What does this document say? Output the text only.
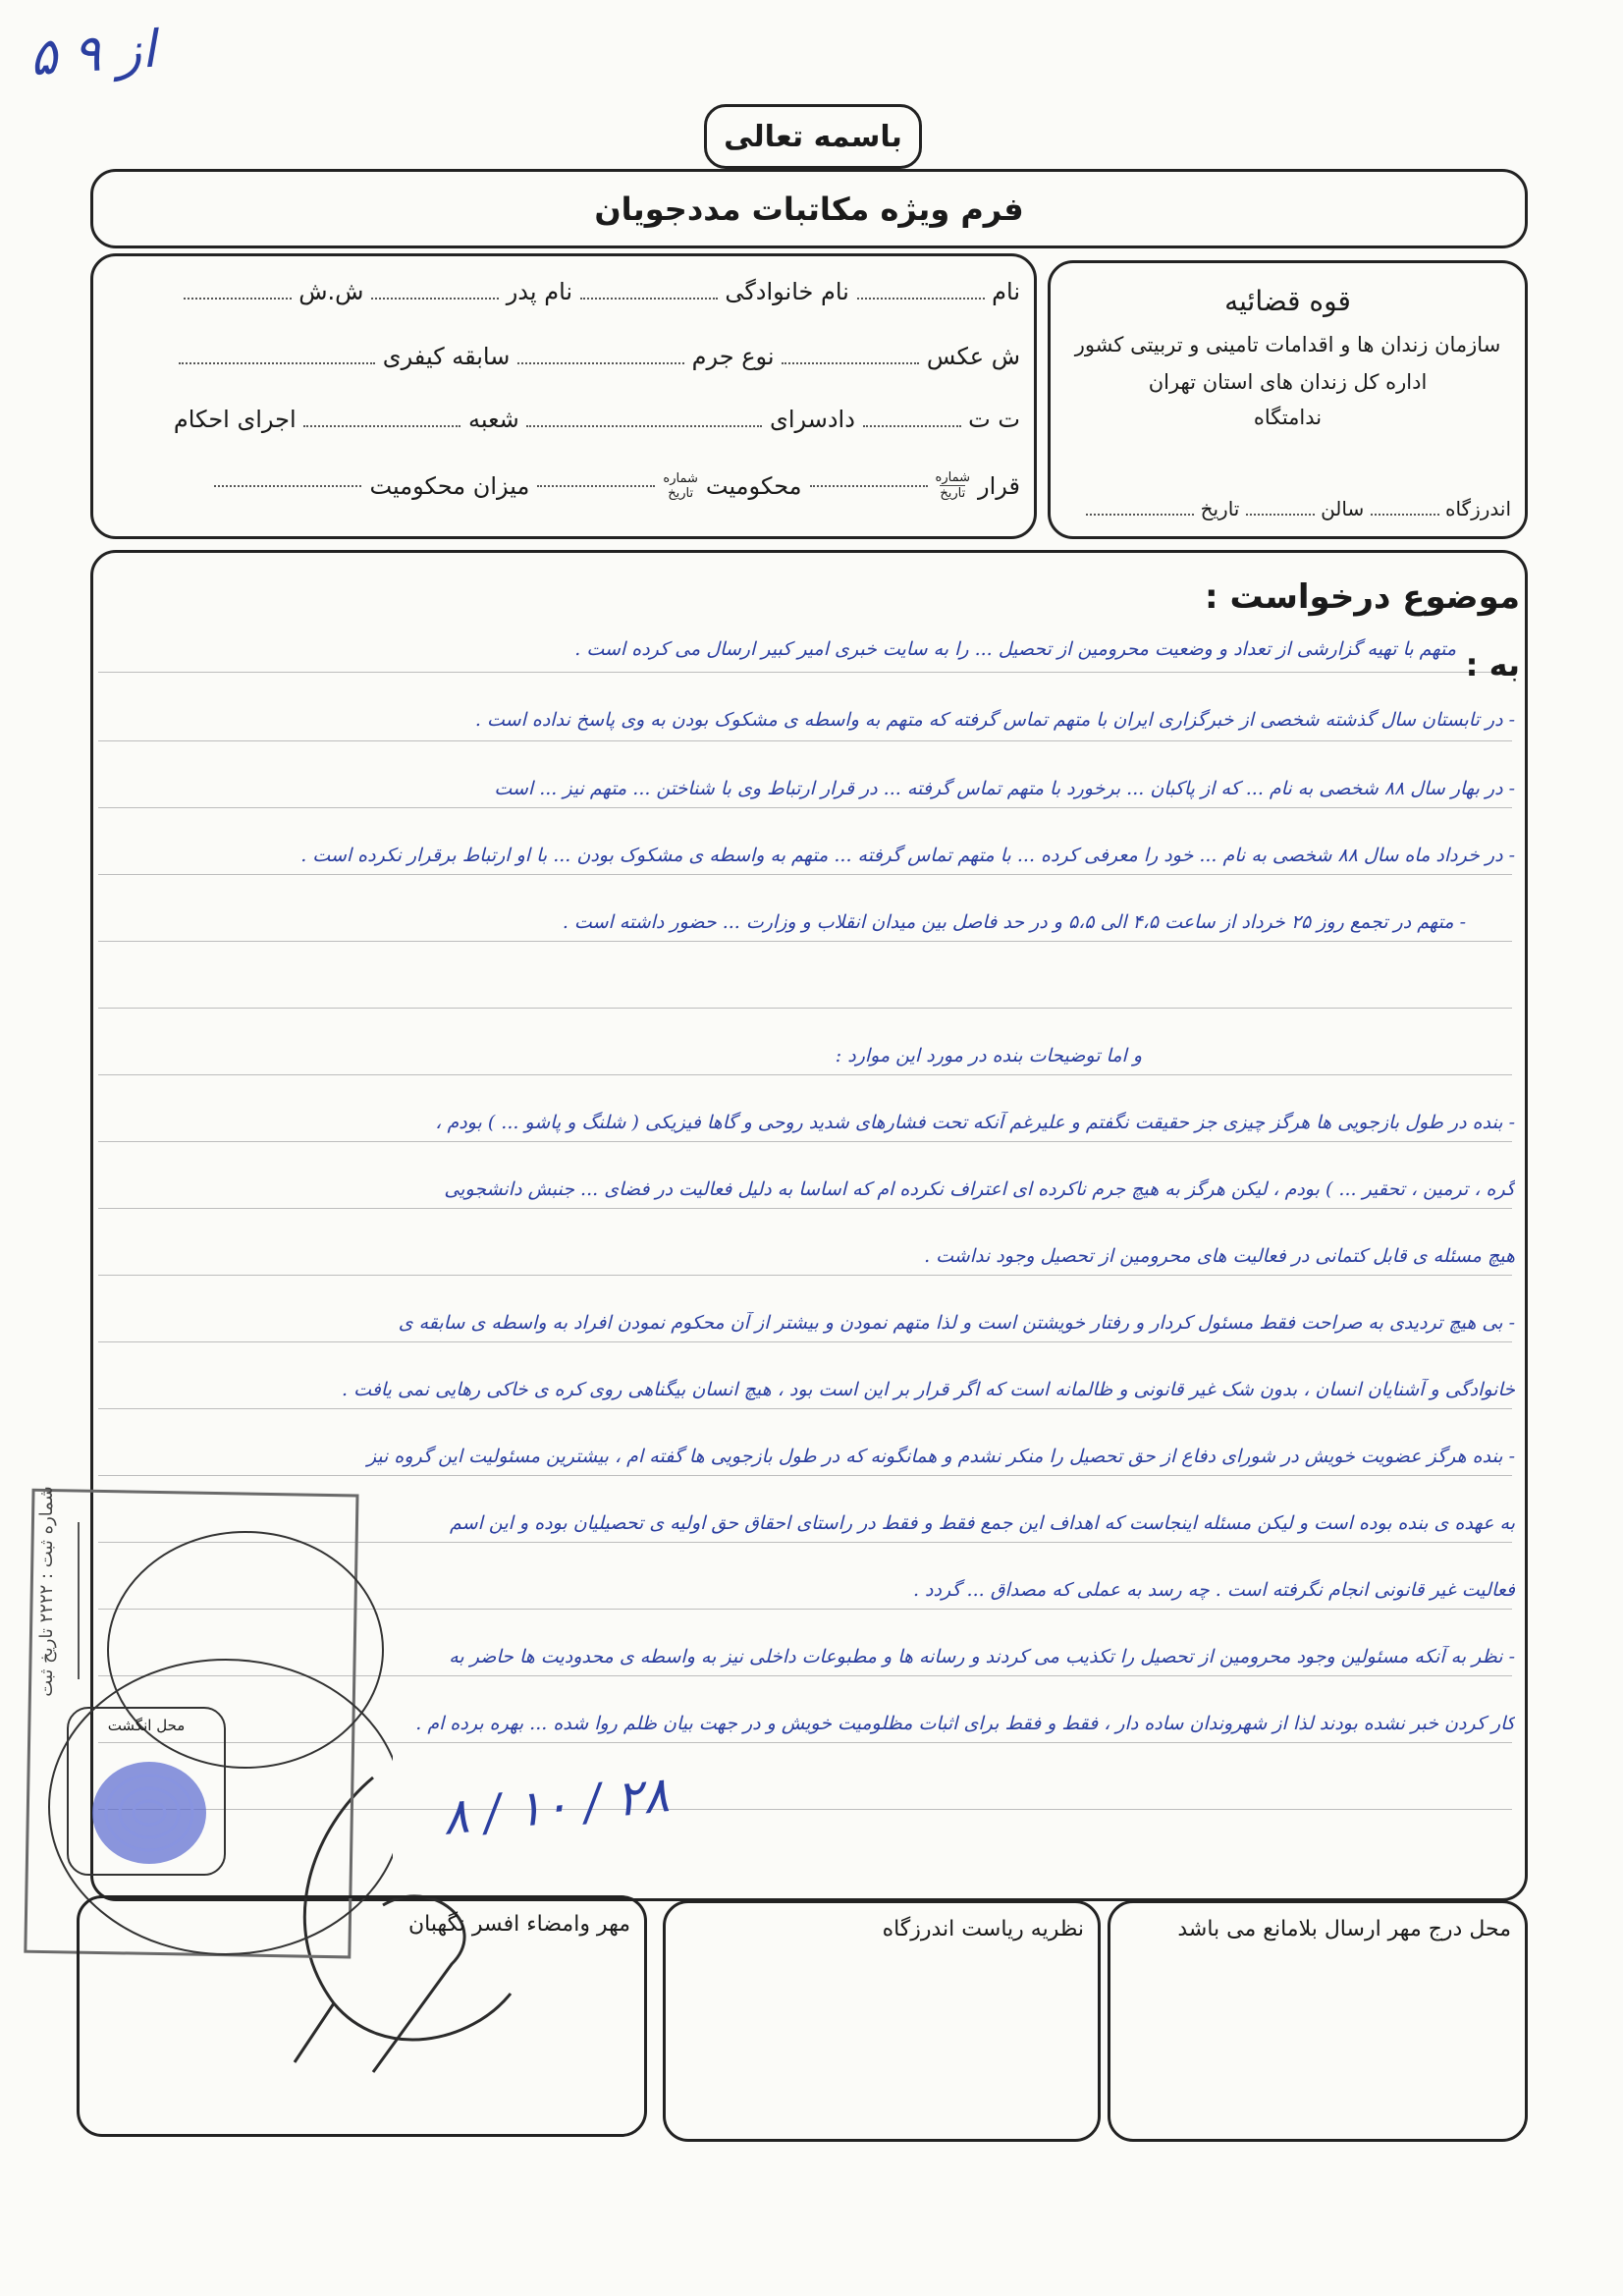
۵ از ۹
باسمه تعالی
فرم ویژه مکاتبات مددجویان
قوه قضائیه
سازمان زندان ها و اقدامات تامینی و تربیتی کشور
اداره کل زندان های استان تهران
ندامتگاه
اندرزگاه  سالن  تاریخ
نام  نام خانوادگی  نام پدر  ش.ش
ش عکس  نوع جرم  سابقه کیفری
ت ت  دادسرای  شعبه  اجرای احکام
قرار
شماره
تاریخ
محکومیت
شماره
تاریخ
میزان محکومیت
موضوع درخواست :
به :
متهم با تهیه گزارشی از تعداد و وضعیت محرومین از تحصیل ... را به سایت خبری امیر کبیر ارسال می کرده است .
- در تابستان سال گذشته شخصی از خبرگزاری ایران با متهم تماس گرفته که متهم به واسطه ی مشکوک بودن به وی پاسخ نداده است .
- در بهار سال ۸۸ شخصی به نام ... که از پاکبان ... برخورد با متهم تماس گرفته ... در قرار ارتباط وی با شناختن ... متهم نیز ... است
- در خرداد ماه سال ۸۸ شخصی به نام ... خود را معرفی کرده ... با متهم تماس گرفته ... متهم به واسطه ی مشکوک بودن ... با او ارتباط برقرار نکرده است .
- متهم در تجمع روز ۲۵ خرداد از ساعت ۴،۵ الی ۵،۵ و در حد فاصل بین میدان انقلاب و وزارت ... حضور داشته است .
و اما توضیحات بنده در مورد این موارد :
- بنده در طول بازجویی ها هرگز چیزی جز حقیقت نگفتم و علیرغم آنکه تحت فشارهای شدید روحی و گاها فیزیکی ( شلنگ و پاشو ... ) بودم ،
گره ، ترمین ، تحقیر ... ) بودم ، لیکن هرگز به هیچ جرم ناکرده ای اعتراف نکرده ام که اساسا به دلیل فعالیت در فضای ... جنبش دانشجویی
هیچ مسئله ی قابل کتمانی در فعالیت های محرومین از تحصیل وجود نداشت .
- بی هیچ تردیدی به صراحت فقط مسئول کردار و رفتار خویشتن است و لذا متهم نمودن و بیشتر از آن محکوم نمودن افراد به واسطه ی سابقه ی
خانوادگی و آشنایان انسان ، بدون شک غیر قانونی و ظالمانه است که اگر قرار بر این است بود ، هیچ انسان بیگناهی روی کره ی خاکی رهایی نمی یافت .
- بنده هرگز عضویت خویش در شورای دفاع از حق تحصیل را منکر نشدم و همانگونه که در طول بازجویی ها گفته ام ، بیشترین مسئولیت این گروه نیز
به عهده ی بنده بوده است و لیکن مسئله اینجاست که اهداف این جمع فقط و فقط در راستای احقاق حق اولیه ی تحصیلیان بوده و این اسم
فعالیت غیر قانونی انجام نگرفته است . چه رسد به عملی که مصداق ... گردد .
- نظر به آنکه مسئولین وجود محرومین از تحصیل را تکذیب می کردند و رسانه ها و مطبوعات داخلی نیز به واسطه ی محدودیت ها حاضر به
کار کردن خبر نشده بودند لذا از شهروندان ساده دار ، فقط و فقط برای اثبات مظلومیت خویش و در جهت بیان ظلم روا شده ... بهره برده ام .
۸ / ۱۰ / ۲۸
شماره ثبت : ۲۲۲۲ تاریخ ثبت
محل انگشت
مهر وامضاء افسر نگهبان	نظریه ریاست اندرزگاه	محل درج مهر ارسال بلامانع می باشد
